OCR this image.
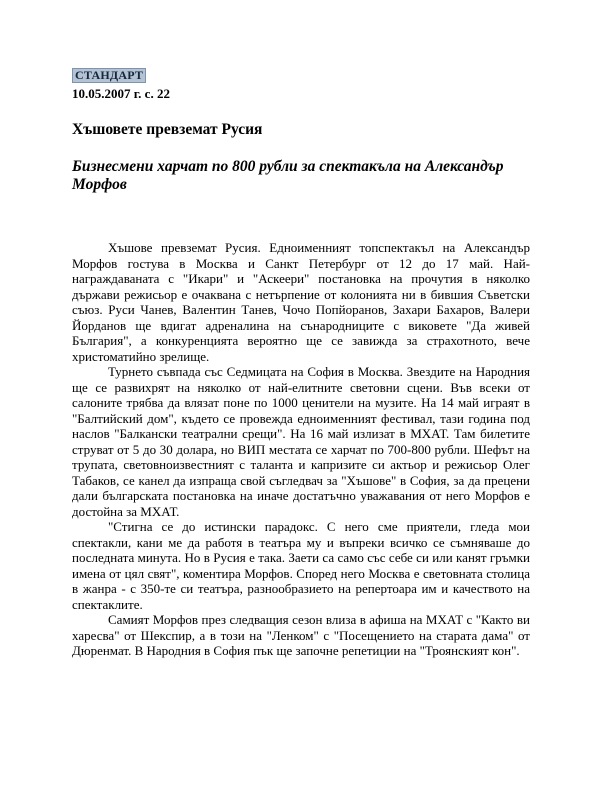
СТАНДАРТ
10.05.2007 г. с. 22
Хъшовете превземат Русия
Бизнесмени харчат по 800 рубли за спектакъла на Александър Морфов

Хъшове превземат Русия. Едноименният топспектакъл на Александър Морфов гостува в Москва и Санкт Петербург от 12 до 17 май. Най-награждаваната с "Икари" и "Аскеери" постановка на прочутия в няколко държави режисьор е очаквана с нетърпение от колонията ни в бившия Съветски съюз. Руси Чанев, Валентин Танев, Чочо Попйоранов, Захари Бахаров, Валери Йорданов ще вдигат адреналина на сънародниците с виковете "Да живей България", а конкуренцията вероятно ще се завижда за страхотното, вече христоматийно зрелище.

Турнето съвпада със Седмицата на София в Москва. Звездите на Народния ще се развихрят на няколко от най-елитните световни сцени. Във всеки от салоните трябва да влязат поне по 1000 ценители на музите. На 14 май играят в "Балтийский дом", където се провежда едноименният фестивал, тази година под наслов "Балкански театрални срещи". На 16 май излизат в МХАТ. Там билетите струват от 5 до 30 долара, но ВИП местата се харчат по 700-800 рубли. Шефът на трупата, световноизвестният с таланта и капризите си актьор и режисьор Олег Табаков, се канел да изпраща свой съгледвач за "Хъшове" в София, за да прецени дали българската постановка на иначе достатъчно уважавания от него Морфов е достойна за МХАТ.

"Стигна се до истински парадокс. С него сме приятели, гледа мои спектакли, кани ме да работя в театъра му и въпреки всичко се съмняваше до последната минута. Но в Русия е така. Заети са само със себе си или канят гръмки имена от цял свят", коментира Морфов. Според него Москва е световната столица в жанра - с 350-те си театъра, разнообразието на репертоара им и качеството на спектаклите.

Самият Морфов през следващия сезон влиза в афиша на МХАТ с "Както ви харесва" от Шекспир, а в този на "Ленком" с "Посещението на старата дама" от Дюренмат. В Народния в София пък ще започне репетиции на "Троянският кон".
